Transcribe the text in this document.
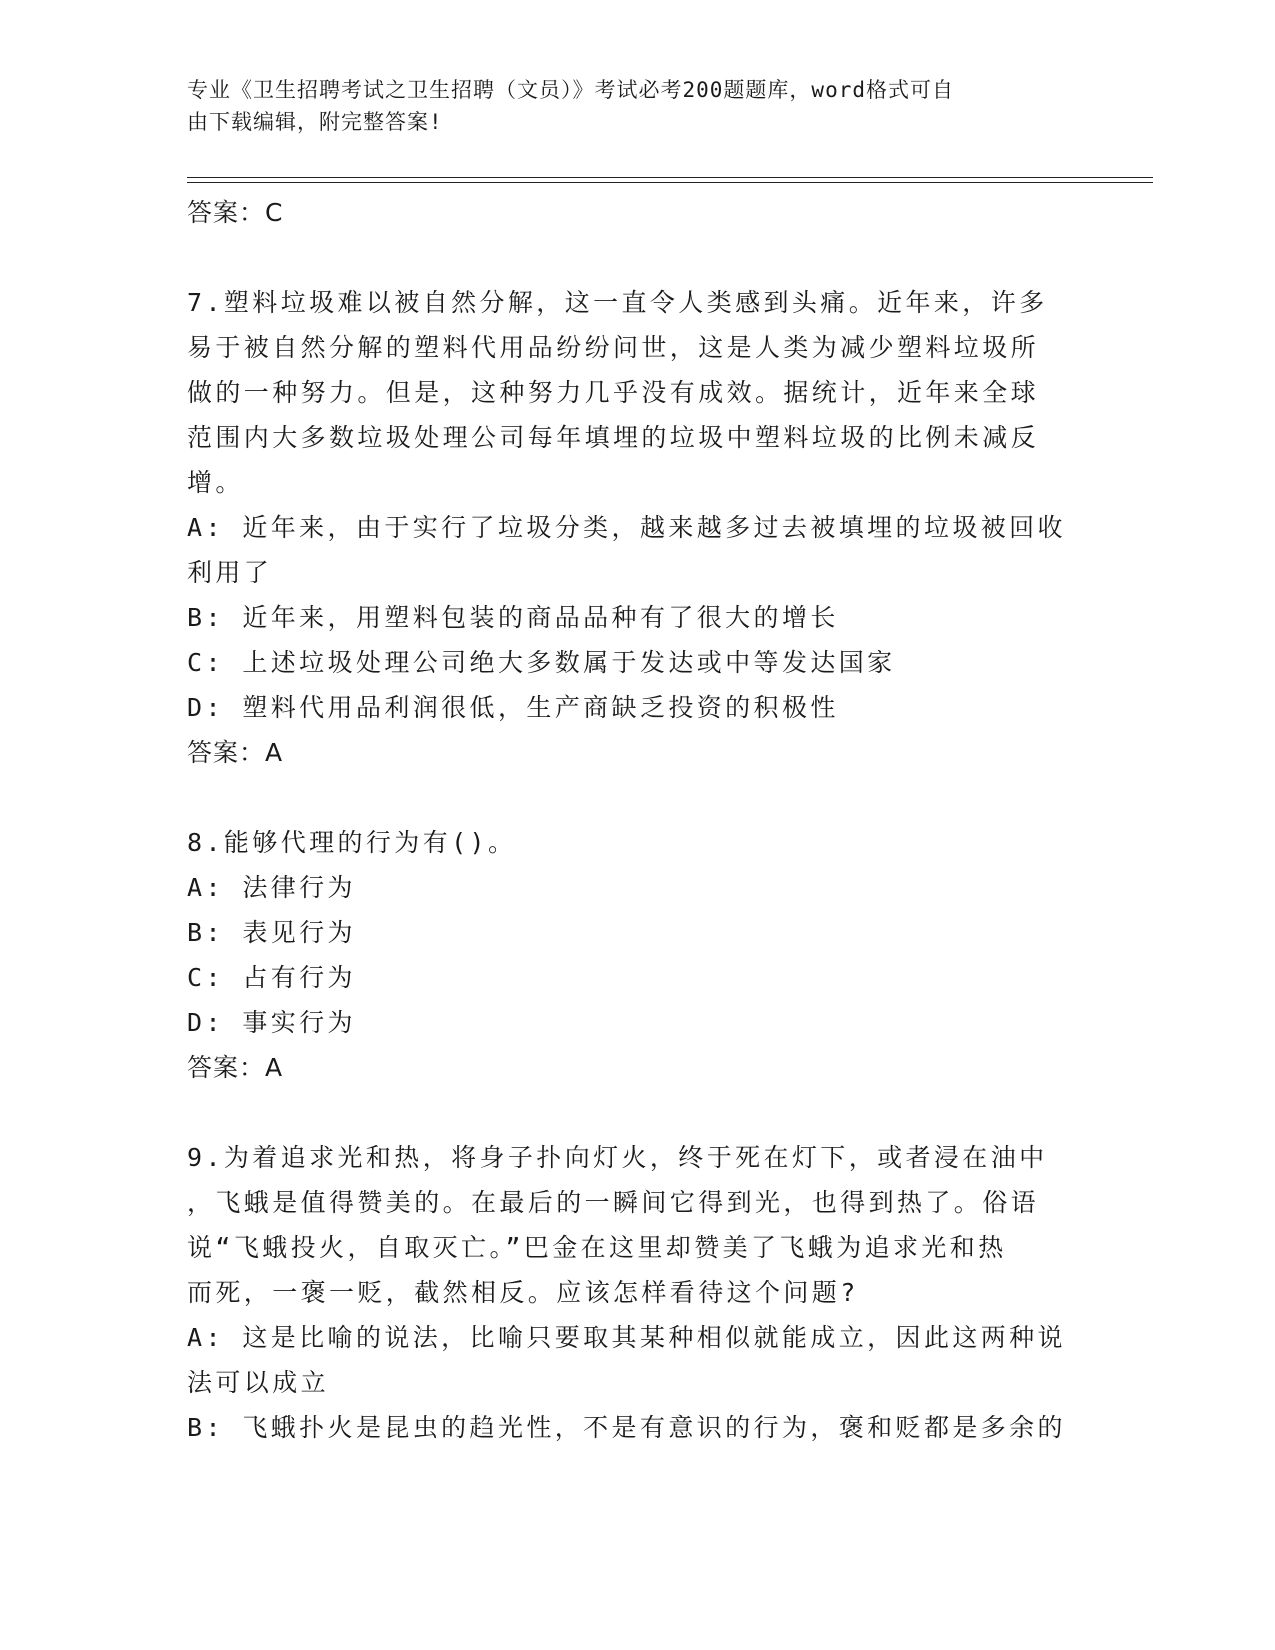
专业《卫生招聘考试之卫生招聘（文员）》考试必考200题题库，word格式可自
由下载编辑，附完整答案!
答案：C
7.塑料垃圾难以被自然分解，这一直令人类感到头痛。近年来，许多
易于被自然分解的塑料代用品纷纷问世，这是人类为减少塑料垃圾所
做的一种努力。但是，这种努力几乎没有成效。据统计，近年来全球
范围内大多数垃圾处理公司每年填埋的垃圾中塑料垃圾的比例未减反
增。
A: 近年来，由于实行了垃圾分类，越来越多过去被填埋的垃圾被回收
利用了
B: 近年来，用塑料包装的商品品种有了很大的增长
C: 上述垃圾处理公司绝大多数属于发达或中等发达国家
D: 塑料代用品利润很低，生产商缺乏投资的积极性
答案：A
8.能够代理的行为有()。
A: 法律行为
B: 表见行为
C: 占有行为
D: 事实行为
答案：A
9.为着追求光和热，将身子扑向灯火，终于死在灯下，或者浸在油中
，飞蛾是值得赞美的。在最后的一瞬间它得到光，也得到热了。俗语
说“飞蛾投火，自取灭亡。”巴金在这里却赞美了飞蛾为追求光和热
而死，一褒一贬，截然相反。应该怎样看待这个问题?
A: 这是比喻的说法，比喻只要取其某种相似就能成立，因此这两种说
法可以成立
B: 飞蛾扑火是昆虫的趋光性，不是有意识的行为，褒和贬都是多余的
